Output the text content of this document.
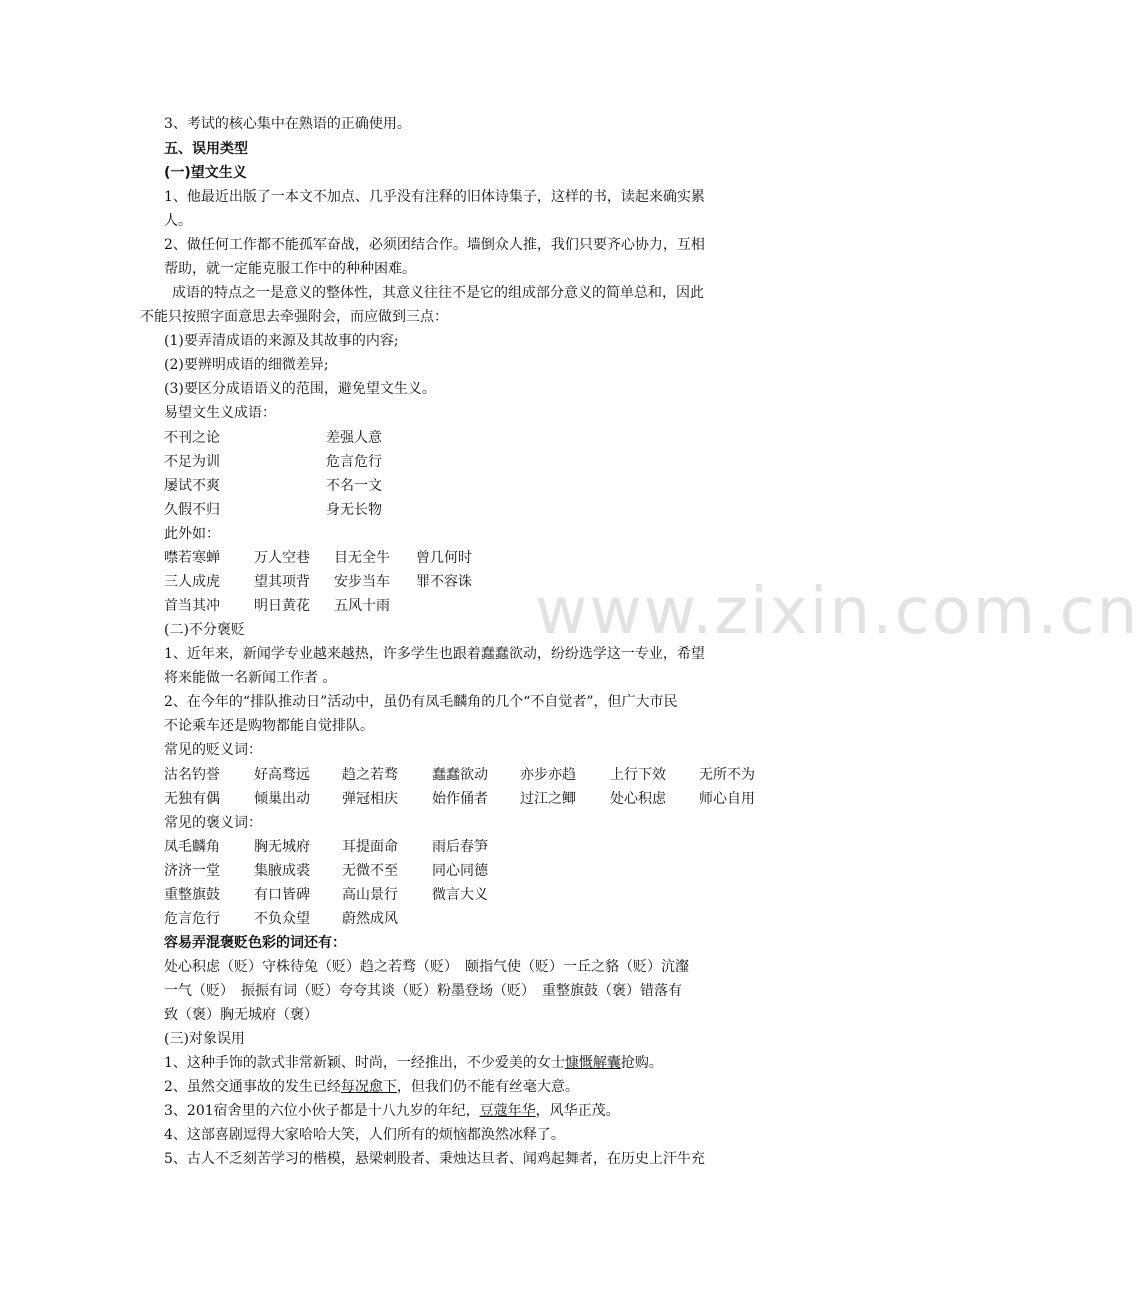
www.zixin.com.cn
3、考试的核心集中在熟语的正确使用。
五、误用类型
(一)望文生义
1、他最近出版了一本文不加点、几乎没有注释的旧体诗集子，这样的书，读起来确实累
人。
2、做任何工作都不能孤军奋战，必须团结合作。墙倒众人推，我们只要齐心协力，互相
帮助，就一定能克服工作中的种种困难。
成语的特点之一是意义的整体性，其意义往往不是它的组成部分意义的简单总和，因此
不能只按照字面意思去牵强附会，而应做到三点：
(1)要弄清成语的来源及其故事的内容;
(2)要辨明成语的细微差异;
(3)要区分成语语义的范围，避免望文生义。
易望文生义成语：
不刊之论	差强人意
不足为训	危言危行
屡试不爽	不名一文
久假不归	身无长物
此外如：
噤若寒蝉 万人空巷 目无全牛 曾几何时
三人成虎 望其项背 安步当车 罪不容诛
首当其冲 明日黄花 五风十雨
(二)不分褒贬
1、近年来，新闻学专业越来越热，许多学生也跟着蠢蠢欲动，纷纷选学这一专业，希望
将来能做一名新闻工作者 。
2、在今年的“排队推动日”活动中，虽仍有凤毛麟角的几个“不自觉者”，但广大市民
不论乘车还是购物都能自觉排队。
常见的贬义词：
沽名钓誉 好高骛远 趋之若骛 蠢蠢欲动 亦步亦趋 上行下效 无所不为
无独有偶 倾巢出动 弹冠相庆 始作俑者 过江之鲫 处心积虑 师心自用
常见的褒义词：
凤毛麟角 胸无城府 耳提面命 雨后春笋
济济一堂 集腋成裘 无微不至 同心同德
重整旗鼓 有口皆碑 高山景行 微言大义
危言危行 不负众望 蔚然成风
容易弄混褒贬色彩的词还有：
处心积虑（贬）守株待兔（贬）趋之若骛（贬）　颐指气使（贬）一丘之貉（贬）沆瀣
一气（贬）　振振有词（贬）夸夸其谈（贬）粉墨登场（贬）　重整旗鼓（褒）错落有
致（褒）胸无城府（褒）
(三)对象误用
1、这种手饰的款式非常新颖、时尚，一经推出，不少爱美的女士慷慨解囊抢购。
2、虽然交通事故的发生已经每况愈下，但我们仍不能有丝毫大意。
3、201宿舍里的六位小伙子都是十八九岁的年纪，豆蔻年华，风华正茂。
4、这部喜剧逗得大家哈哈大笑，人们所有的烦恼都涣然冰释了。
5、古人不乏刻苦学习的楷模，悬梁刺股者、秉烛达旦者、闻鸡起舞者，在历史上汗牛充
